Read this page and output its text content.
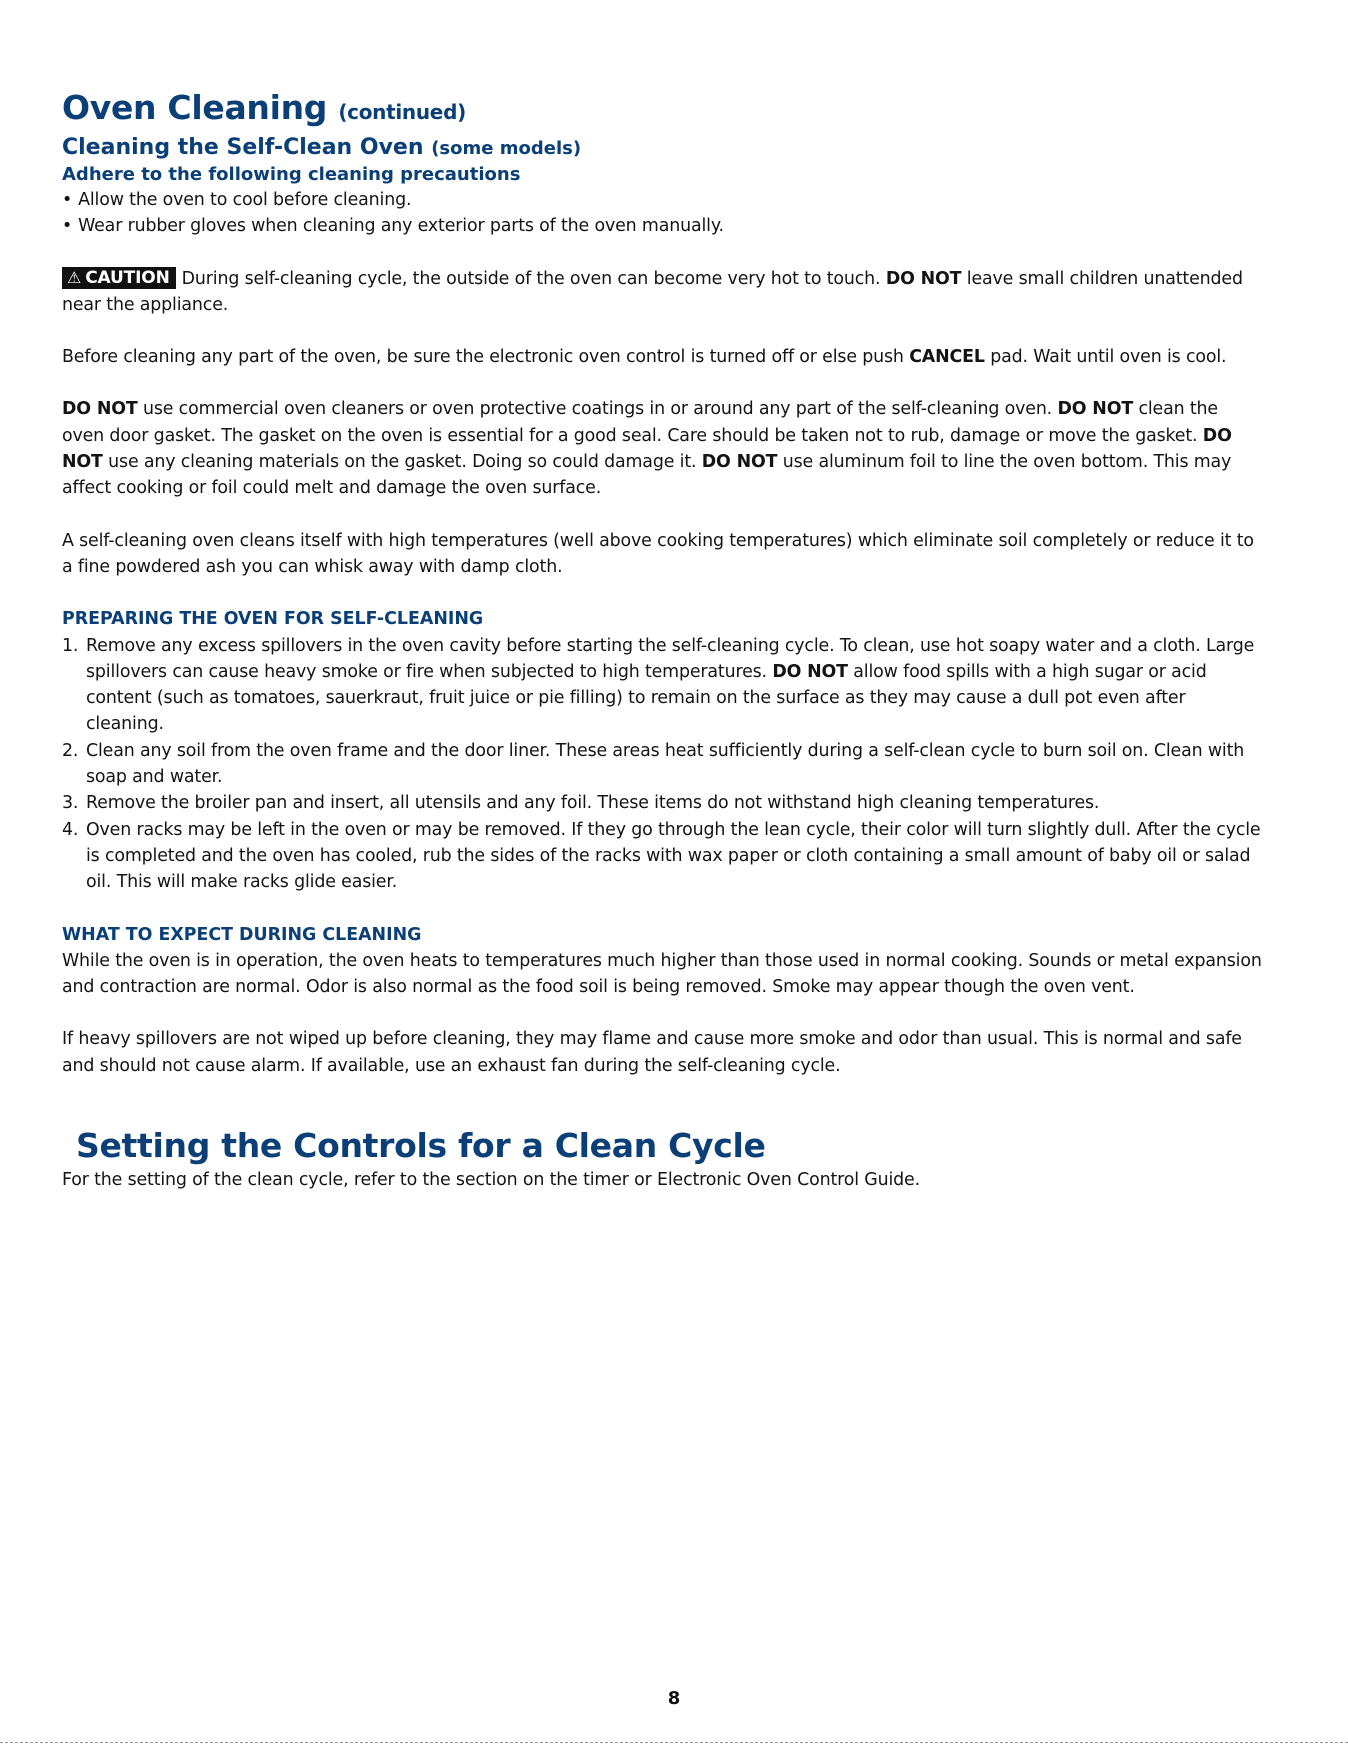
Oven Cleaning (continued)
Cleaning the Self-Clean Oven (some models)
Adhere to the following cleaning precautions
• Allow the oven to cool before cleaning.
• Wear rubber gloves when cleaning any exterior parts of the oven manually.

⚠ CAUTION During self-cleaning cycle, the outside of the oven can become very hot to touch. DO NOT leave small children unattended near the appliance.

Before cleaning any part of the oven, be sure the electronic oven control is turned off or else push CANCEL pad. Wait until oven is cool.

DO NOT use commercial oven cleaners or oven protective coatings in or around any part of the self-cleaning oven. DO NOT clean the oven door gasket. The gasket on the oven is essential for a good seal. Care should be taken not to rub, damage or move the gasket. DO NOT use any cleaning materials on the gasket. Doing so could damage it. DO NOT use aluminum foil to line the oven bottom. This may affect cooking or foil could melt and damage the oven surface.

A self-cleaning oven cleans itself with high temperatures (well above cooking temperatures) which eliminate soil completely or reduce it to a fine powdered ash you can whisk away with damp cloth.

PREPARING THE OVEN FOR SELF-CLEANING
1. Remove any excess spillovers in the oven cavity before starting the self-cleaning cycle. To clean, use hot soapy water and a cloth. Large spillovers can cause heavy smoke or fire when subjected to high temperatures. DO NOT allow food spills with a high sugar or acid content (such as tomatoes, sauerkraut, fruit juice or pie filling) to remain on the surface as they may cause a dull pot even after cleaning.
2. Clean any soil from the oven frame and the door liner. These areas heat sufficiently during a self-clean cycle to burn soil on. Clean with soap and water.
3. Remove the broiler pan and insert, all utensils and any foil. These items do not withstand high cleaning temperatures.
4. Oven racks may be left in the oven or may be removed. If they go through the lean cycle, their color will turn slightly dull. After the cycle is completed and the oven has cooled, rub the sides of the racks with wax paper or cloth containing a small amount of baby oil or salad oil. This will make racks glide easier.
WHAT TO EXPECT DURING CLEANING

While the oven is in operation, the oven heats to temperatures much higher than those used in normal cooking. Sounds or metal expansion and contraction are normal. Odor is also normal as the food soil is being removed. Smoke may appear though the oven vent.

If heavy spillovers are not wiped up before cleaning, they may flame and cause more smoke and odor than usual. This is normal and safe and should not cause alarm. If available, use an exhaust fan during the self-cleaning cycle.

Setting the Controls for a Clean Cycle

For the setting of the clean cycle, refer to the section on the timer or Electronic Oven Control Guide.

8
